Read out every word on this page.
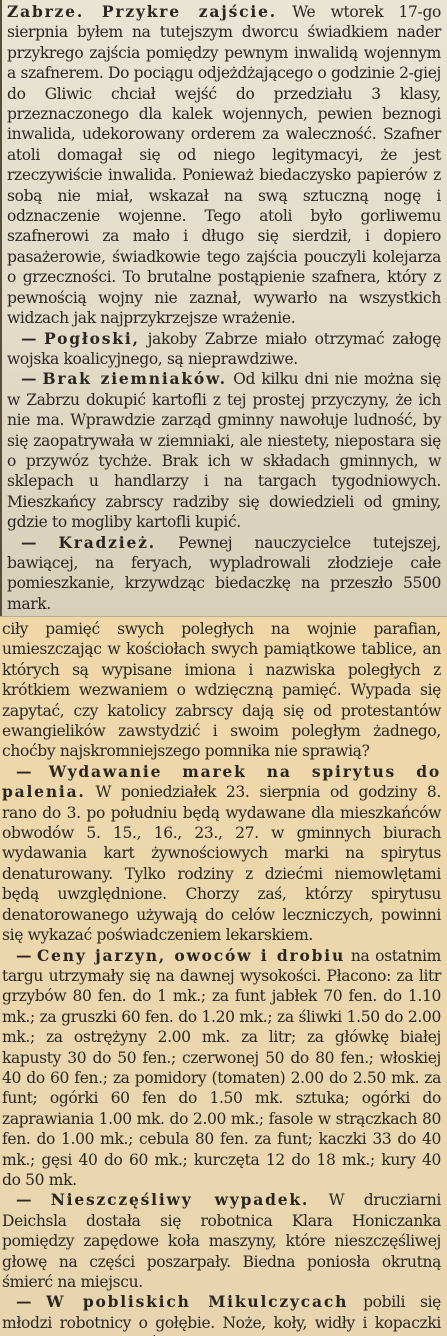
Zabrze. Przykre zajście. We wtorek 17-go sierpnia byłem na tutejszym dworcu świadkiem nader przykrego zajścia pomiędzy pewnym inwalidą wojennym a szafnerem. Do pociągu odjeżdżającego o godzinie 2-giej do Gliwic chciał wejść do przedziału 3 klasy, przeznaczonego dla kalek wojennych, pewien beznogi inwalida, udekorowany orderem za waleczność. Szafner atoli domagał się od niego legitymacyi, że jest rzeczywiście inwalida. Ponieważ biedaczysko papierów z sobą nie miał, wskazał na swą sztuczną nogę i odznaczenie wojenne. Tego atoli było gorliwemu szafnerowi za mało i długo się sierdził, i dopiero pasażerowie, świadkowie tego zajścia pouczyli kolejarza o grzeczności. To brutalne postąpienie szafnera, który z pewnością wojny nie zaznał, wywarło na wszystkich widzach jak najprzykrzejsze wrażenie.

— Pogłoski, jakoby Zabrze miało otrzymać załogę wojska koalicyjnego, są nieprawdziwe.

— Brak ziemniaków. Od kilku dni nie można się w Zabrzu dokupić kartofli z tej prostej przyczyny, że ich nie ma. Wprawdzie zarząd gminny nawołuje ludność, by się zaopatrywała w ziemniaki, ale niestety, niepostara się o przywóz tychże. Brak ich w składach gminnych, w sklepach u handlarzy i na targach tygodniowych. Mieszkańcy zabrscy radziby się dowiedzieli od gminy, gdzie to mogliby kartofli kupić.

— Kradzież. Pewnej nauczycielce tutejszej, bawiącej, na feryach, wypladrowali złodzieje całe pomieszkanie, krzywdząc biedaczkę na przeszło 5500 mark.

ciły pamięć swych poległych na wojnie parafian, umieszczając w kościołach swych pamiątkowe tablice, an których są wypisane imiona i nazwiska poległych z krótkiem wezwaniem o wdzięczną pamięć. Wypada się zapytać, czy katolicy zabrscy dają się od protestantów ewangielików zawstydzić i swoim poległym żadnego, choćby najskromniejszego pomnika nie sprawią?

— Wydawanie marek na spirytus do palenia. W poniedziałek 23. sierpnia od godziny 8. rano do 3. po południu będą wydawane dla mieszkańców obwodów 5. 15., 16., 23., 27. w gminnych biurach wydawania kart żywnościowych marki na spirytus denaturowany. Tylko rodziny z dziećmi niemowlętami będą uwzględnione. Chorzy zaś, którzy spirytusu denatorowanego używają do celów leczniczych, powinni się wykazać poświadczeniem lekarskiem.

— Ceny jarzyn, owoców i drobiu na ostatnim targu utrzymały się na dawnej wysokości. Płacono: za litr grzybów 80 fen. do 1 mk.; za funt jabłek 70 fen. do 1.10 mk.; za gruszki 60 fen. do 1.20 mk.; za śliwki 1.50 do 2.00 mk.; za ostrężyny 2.00 mk. za litr; za główkę białej kapusty 30 do 50 fen.; czerwonej 50 do 80 fen.; włoskiej 40 do 60 fen.; za pomidory (tomaten) 2.00 do 2.50 mk. za funt; ogórki 60 fen do 1.50 mk. sztuka; ogórki do zaprawiania 1.00 mk. do 2.00 mk.; fasole w strączkach 80 fen. do 1.00 mk.; cebula 80 fen. za funt; kaczki 33 do 40 mk.; gęsi 40 do 60 mk.; kurczęta 12 do 18 mk.; kury 40 do 50 mk.

— Nieszczęśliwy wypadek. W drucziarni Deichsla dostała się robotnica Klara Honiczanka pomiędzy zapędowe koła maszyny, które nieszczęśliwej głowę na części poszarpały. Biedna poniosła okrutną śmierć na miejscu.

— W pobliskich Mikulczycach pobili się młodzi robotnicy o gołębie. Noże, koły, widły i kopaczki
